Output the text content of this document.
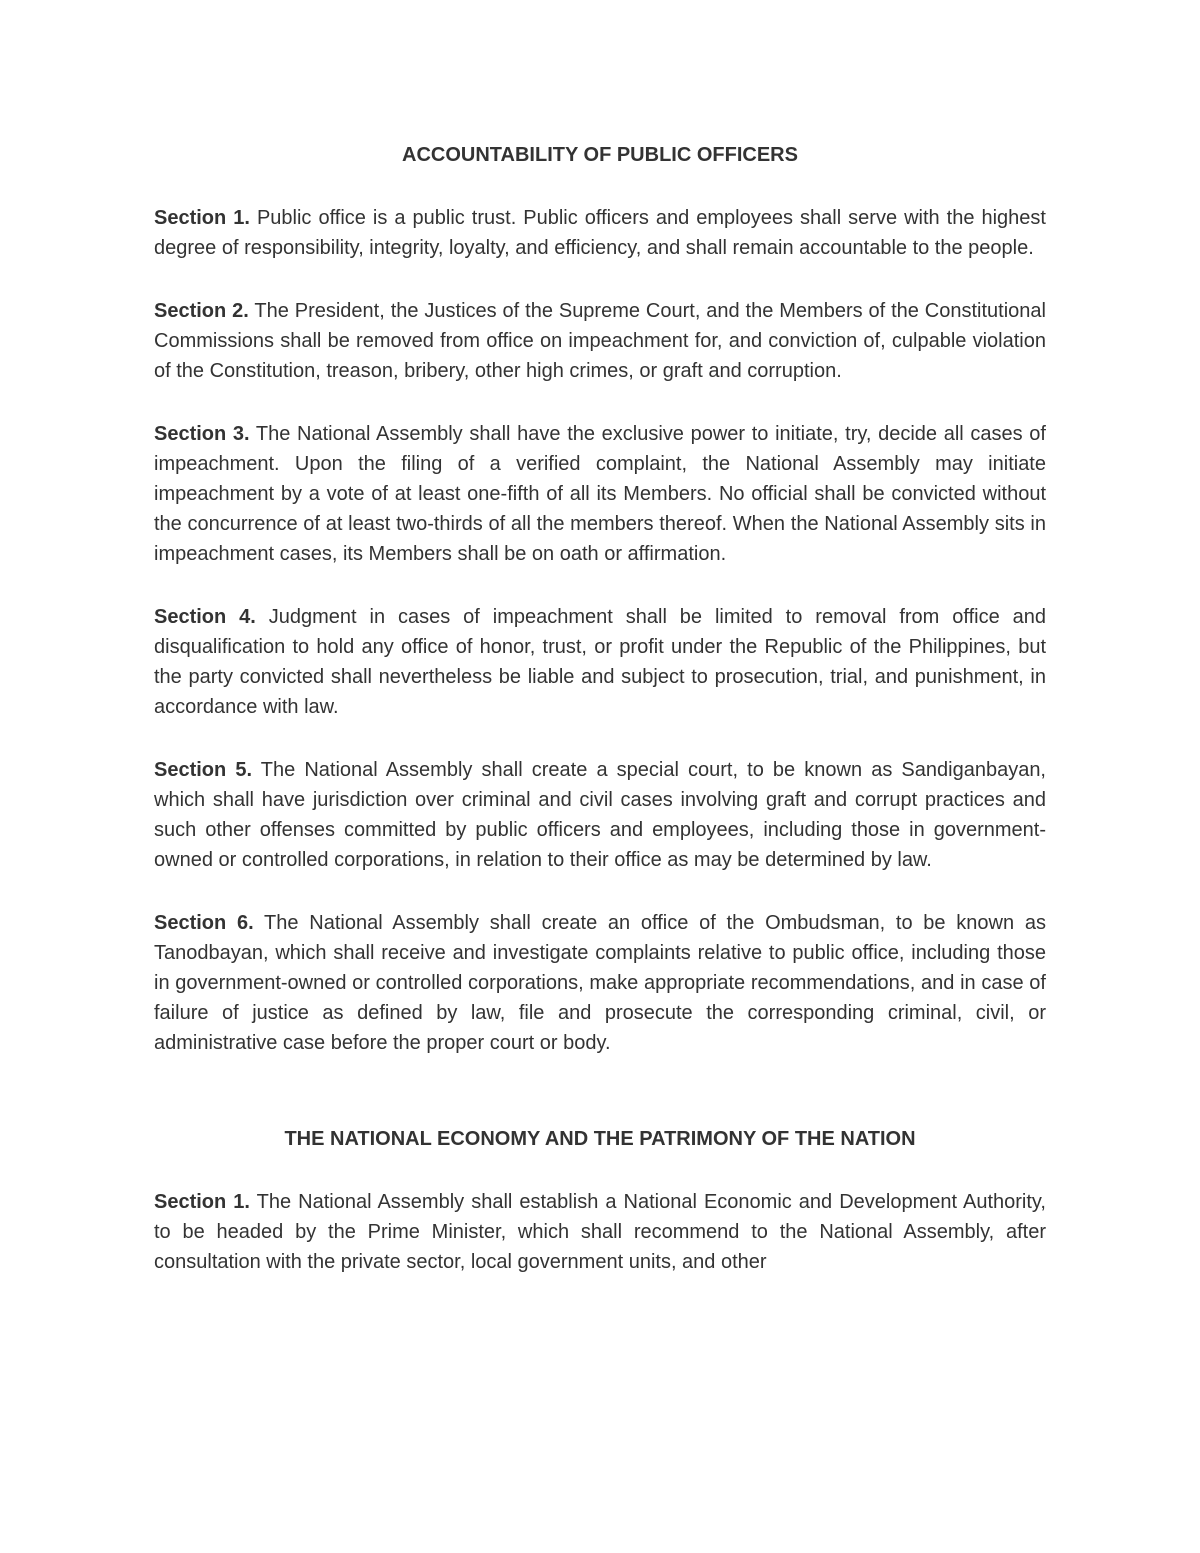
ACCOUNTABILITY OF PUBLIC OFFICERS

Section 1. Public office is a public trust. Public officers and employees shall serve with the highest degree of responsibility, integrity, loyalty, and efficiency, and shall remain accountable to the people.

Section 2. The President, the Justices of the Supreme Court, and the Members of the Constitutional Commissions shall be removed from office on impeachment for, and conviction of, culpable violation of the Constitution, treason, bribery, other high crimes, or graft and corruption.

Section 3. The National Assembly shall have the exclusive power to initiate, try, decide all cases of impeachment. Upon the filing of a verified complaint, the National Assembly may initiate impeachment by a vote of at least one-fifth of all its Members. No official shall be convicted without the concurrence of at least two-thirds of all the members thereof. When the National Assembly sits in impeachment cases, its Members shall be on oath or affirmation.

Section 4. Judgment in cases of impeachment shall be limited to removal from office and disqualification to hold any office of honor, trust, or profit under the Republic of the Philippines, but the party convicted shall nevertheless be liable and subject to prosecution, trial, and punishment, in accordance with law.

Section 5. The National Assembly shall create a special court, to be known as Sandiganbayan, which shall have jurisdiction over criminal and civil cases involving graft and corrupt practices and such other offenses committed by public officers and employees, including those in government-owned or controlled corporations, in relation to their office as may be determined by law.

Section 6. The National Assembly shall create an office of the Ombudsman, to be known as Tanodbayan, which shall receive and investigate complaints relative to public office, including those in government-owned or controlled corporations, make appropriate recommendations, and in case of failure of justice as defined by law, file and prosecute the corresponding criminal, civil, or administrative case before the proper court or body.

THE NATIONAL ECONOMY AND THE PATRIMONY OF THE NATION

Section 1. The National Assembly shall establish a National Economic and Development Authority, to be headed by the Prime Minister, which shall recommend to the National Assembly, after consultation with the private sector, local government units, and other
